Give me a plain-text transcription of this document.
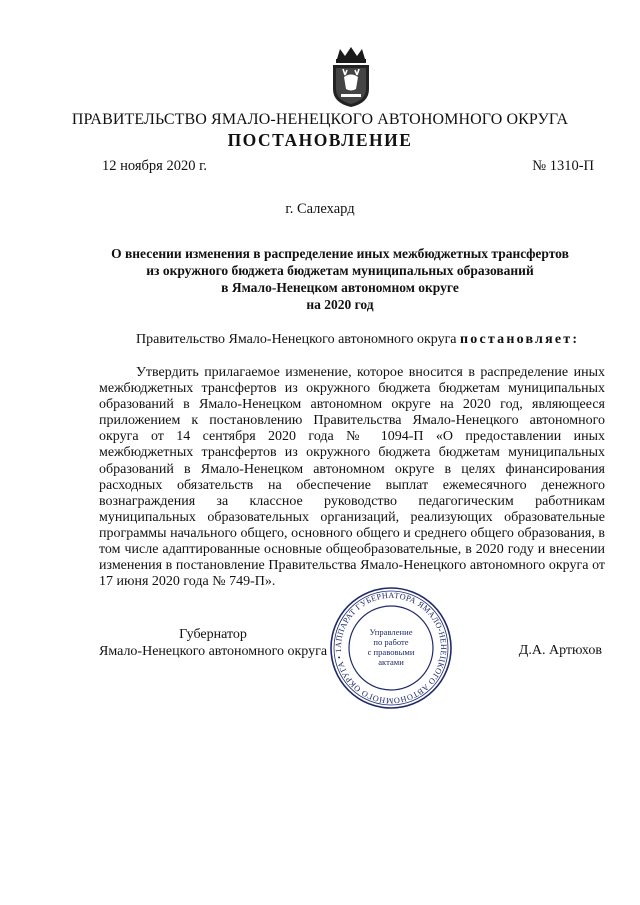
ПРАВИТЕЛЬСТВО ЯМАЛО-НЕНЕЦКОГО АВТОНОМНОГО ОКРУГА
ПОСТАНОВЛЕНИЕ
12 ноября 2020 г.	№ 1310-П
г. Салехард
О внесении изменения в распределение иных межбюджетных трансфертов
из окружного бюджета бюджетам муниципальных образований
в Ямало-Ненецком автономном округе
на 2020 год
Правительство Ямало-Ненецкого автономного округа постановляет:

Утвердить прилагаемое изменение, которое вносится в распределение иных межбюджетных трансфертов из окружного бюджета бюджетам муниципальных образований в Ямало-Ненецком автономном округе на 2020 год, являющееся приложением к постановлению Правительства Ямало-Ненецкого автономного округа от 14 сентября 2020 года № 1094-П «О предоставлении иных межбюджетных трансфертов из окружного бюджета бюджетам муниципальных образований в Ямало-Ненецком автономном округе в целях финансирования расходных обязательств на обеспечение выплат ежемесячного денежного вознаграждения за классное руководство педагогическим работникам муниципальных образовательных организаций, реализующих образовательные программы начального общего, основного общего и среднего общего образования, в том числе адаптированные основные общеобразовательные, в 2020 году и внесении изменения в постановление Правительства Ямало-Ненецкого автономного округа от 17 июня 2020 года № 749-П».

Губернатор
Ямало-Ненецкого автономного округа	Д.А. Артюхов
АППАРАТ ГУБЕРНАТОРА ЯМАЛО-НЕНЕЦКОГО АВТОНОМНОГО ОКРУГА • 1
Управление
по работе
с правовыми
актами
